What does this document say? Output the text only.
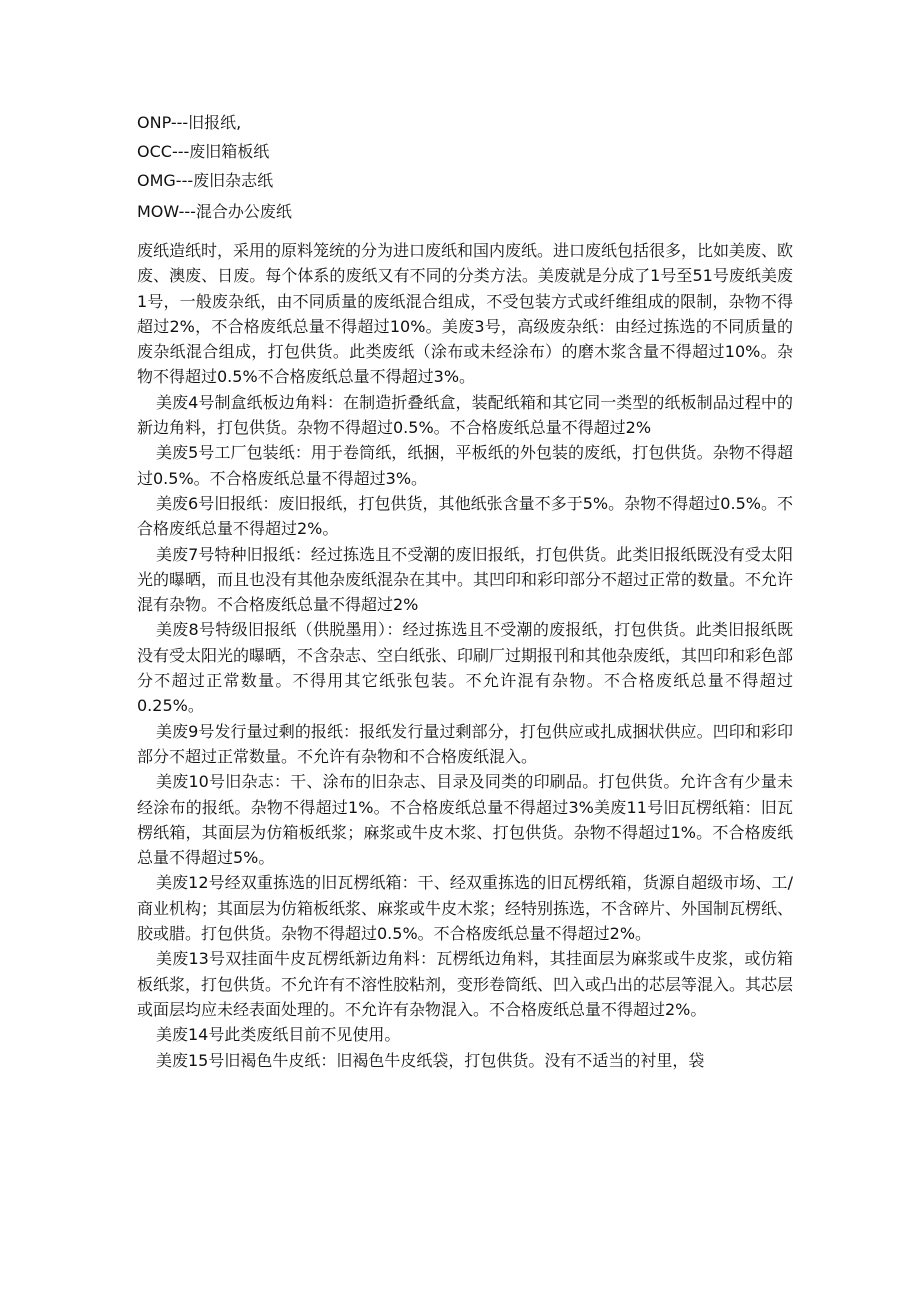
ONP---旧报纸,
OCC---废旧箱板纸
OMG---废旧杂志纸
MOW---混合办公废纸

废纸造纸时，采用的原料笼统的分为进口废纸和国内废纸。进口废纸包括很多，比如美废、欧废、澳废、日废。每个体系的废纸又有不同的分类方法。美废就是分成了1号至51号废纸美废1号，一般废杂纸，由不同质量的废纸混合组成，不受包装方式或纤维组成的限制，杂物不得超过2%，不合格废纸总量不得超过10%。美废3号，高级废杂纸：由经过拣选的不同质量的废杂纸混合组成，打包供货。此类废纸（涂布或未经涂布）的磨木浆含量不得超过10%。杂物不得超过0.5%不合格废纸总量不得超过3%。

美废4号制盒纸板边角料：在制造折叠纸盒，装配纸箱和其它同一类型的纸板制品过程中的新边角料，打包供货。杂物不得超过0.5%。不合格废纸总量不得超过2%

美废5号工厂包装纸：用于卷筒纸，纸捆，平板纸的外包装的废纸，打包供货。杂物不得超过0.5%。不合格废纸总量不得超过3%。

美废6号旧报纸：废旧报纸，打包供货，其他纸张含量不多于5%。杂物不得超过0.5%。不合格废纸总量不得超过2%。

美废7号特种旧报纸：经过拣选且不受潮的废旧报纸，打包供货。此类旧报纸既没有受太阳光的曝晒，而且也没有其他杂废纸混杂在其中。其凹印和彩印部分不超过正常的数量。不允许混有杂物。不合格废纸总量不得超过2%

美废8号特级旧报纸（供脱墨用）：经过拣选且不受潮的废报纸，打包供货。此类旧报纸既没有受太阳光的曝晒，不含杂志、空白纸张、印刷厂过期报刊和其他杂废纸，其凹印和彩色部分不超过正常数量。不得用其它纸张包装。不允许混有杂物。不合格废纸总量不得超过0.25%。

美废9号发行量过剩的报纸：报纸发行量过剩部分，打包供应或扎成捆状供应。凹印和彩印部分不超过正常数量。不允许有杂物和不合格废纸混入。

美废10号旧杂志：干、涂布的旧杂志、目录及同类的印刷品。打包供货。允许含有少量未经涂布的报纸。杂物不得超过1%。不合格废纸总量不得超过3%美废11号旧瓦楞纸箱：旧瓦楞纸箱，其面层为仿箱板纸浆；麻浆或牛皮木浆、打包供货。杂物不得超过1%。不合格废纸总量不得超过5%。

美废12号经双重拣选的旧瓦楞纸箱：干、经双重拣选的旧瓦楞纸箱，货源自超级市场、工/商业机构；其面层为仿箱板纸浆、麻浆或牛皮木浆；经特别拣选，不含碎片、外国制瓦楞纸、胶或腊。打包供货。杂物不得超过0.5%。不合格废纸总量不得超过2%。

美废13号双挂面牛皮瓦楞纸新边角料：瓦楞纸边角料，其挂面层为麻浆或牛皮浆，或仿箱板纸浆，打包供货。不允许有不溶性胶粘剂，变形卷筒纸、凹入或凸出的芯层等混入。其芯层或面层均应未经表面处理的。不允许有杂物混入。不合格废纸总量不得超过2%。

美废14号此类废纸目前不见使用。

美废15号旧褐色牛皮纸：旧褐色牛皮纸袋，打包供货。没有不适当的衬里，袋
